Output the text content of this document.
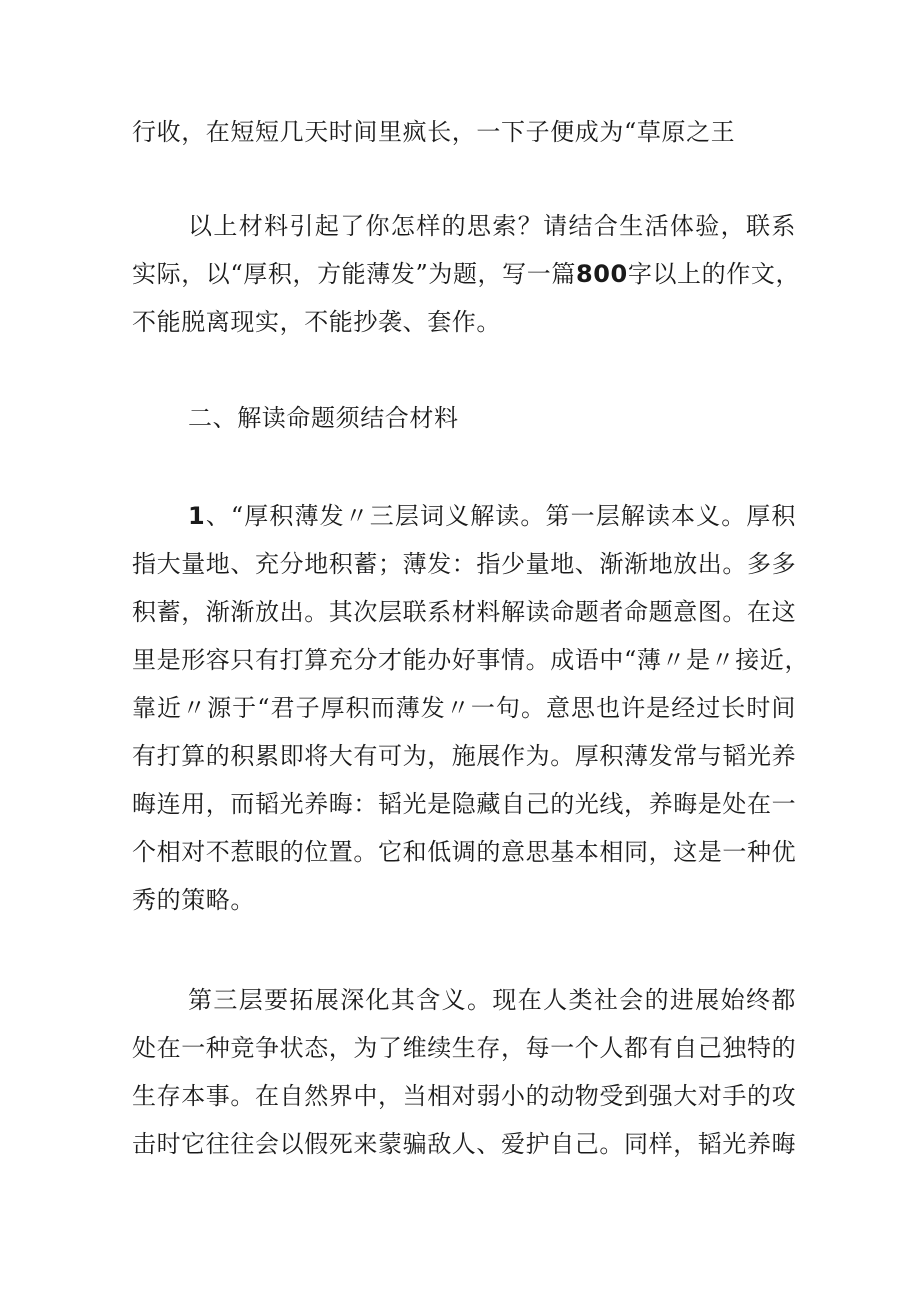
行收，在短短几天时间里疯长，一下子便成为“草原之王

以上材料引起了你怎样的思索？请结合生活体验，联系
实际，以“厚积，方能薄发”为题，写一篇800字以上的作文，
不能脱离现实，不能抄袭、套作。

二、解读命题须结合材料

1、“厚积薄发〃三层词义解读。第一层解读本义。厚积
指大量地、充分地积蓄；薄发：指少量地、渐渐地放出。多多
积蓄，渐渐放出。其次层联系材料解读命题者命题意图。在这
里是形容只有打算充分才能办好事情。成语中“薄〃是〃接近，
靠近〃源于“君子厚积而薄发〃一句。意思也许是经过长时间
有打算的积累即将大有可为，施展作为。厚积薄发常与韬光养
晦连用，而韬光养晦：韬光是隐藏自己的光线，养晦是处在一
个相对不惹眼的位置。它和低调的意思基本相同，这是一种优
秀的策略。

第三层要拓展深化其含义。现在人类社会的进展始终都
处在一种竞争状态，为了维续生存，每一个人都有自己独特的
生存本事。在自然界中，当相对弱小的动物受到强大对手的攻
击时它往往会以假死来蒙骗敌人、爱护自己。同样，韬光养晦
